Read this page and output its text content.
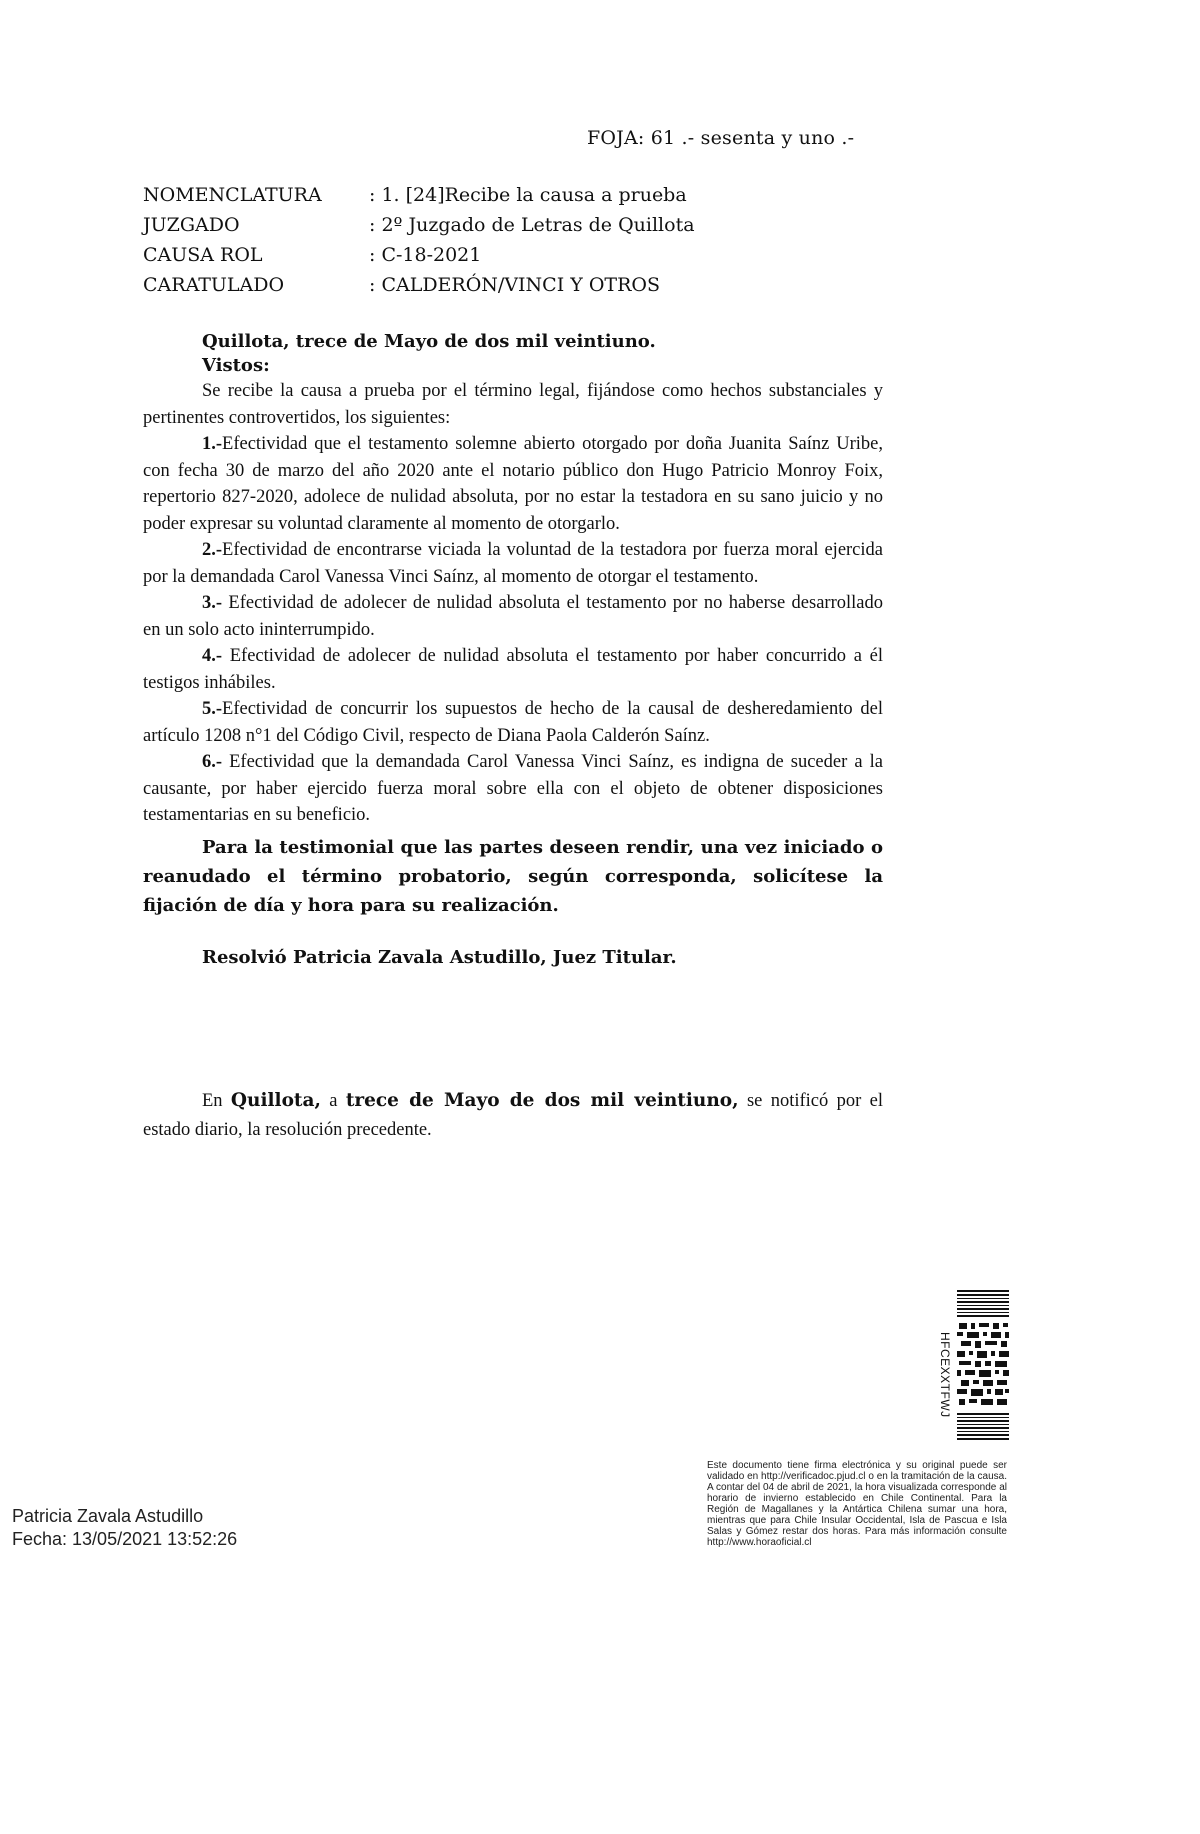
FOJA: 61 .- sesenta y uno .-
NOMENCLATURA	: 1. [24]Recibe la causa a prueba
JUZGADO	: 2º Juzgado de Letras de Quillota
CAUSA ROL	: C-18-2021
CARATULADO	: CALDERÓN/VINCI Y OTROS
Quillota, trece de Mayo de dos mil veintiuno.
Vistos:
Se recibe la causa a prueba por el término legal, fijándose como hechos substanciales y pertinentes controvertidos, los siguientes:
1.-Efectividad que el testamento solemne abierto otorgado por doña Juanita Saínz Uribe, con fecha 30 de marzo del año 2020 ante el notario público don Hugo Patricio Monroy Foix, repertorio 827-2020, adolece de nulidad absoluta, por no estar la testadora en su sano juicio y no poder expresar su voluntad claramente al momento de otorgarlo.
2.-Efectividad de encontrarse viciada la voluntad de la testadora por fuerza moral ejercida por la demandada Carol Vanessa Vinci Saínz, al momento de otorgar el testamento.
3.- Efectividad de adolecer de nulidad absoluta el testamento por no haberse desarrollado en un solo acto ininterrumpido.
4.- Efectividad de adolecer de nulidad absoluta el testamento por haber concurrido a él testigos inhábiles.
5.-Efectividad de concurrir los supuestos de hecho de la causal de desheredamiento del artículo 1208 n°1 del Código Civil, respecto de Diana Paola Calderón Saínz.
6.- Efectividad que la demandada Carol Vanessa Vinci Saínz, es indigna de suceder a la causante, por haber ejercido fuerza moral sobre ella con el objeto de obtener disposiciones testamentarias en su beneficio.
Para la testimonial que las partes deseen rendir, una vez iniciado o reanudado el término probatorio, según corresponda, solicítese la fijación de día y hora para su realización.
Resolvió Patricia Zavala Astudillo, Juez Titular.
En Quillota, a trece de Mayo de dos mil veintiuno, se notificó por el estado diario, la resolución precedente.
HFCEXXTFWJ
Este documento tiene firma electrónica y su original puede ser validado en http://verificadoc.pjud.cl o en la tramitación de la causa. A contar del 04 de abril de 2021, la hora visualizada corresponde al horario de invierno establecido en Chile Continental. Para la Región de Magallanes y la Antártica Chilena sumar una hora, mientras que para Chile Insular Occidental, Isla de Pascua e Isla Salas y Gómez restar dos horas. Para más información consulte http://www.horaoficial.cl
Patricia Zavala Astudillo
Fecha: 13/05/2021 13:52:26
